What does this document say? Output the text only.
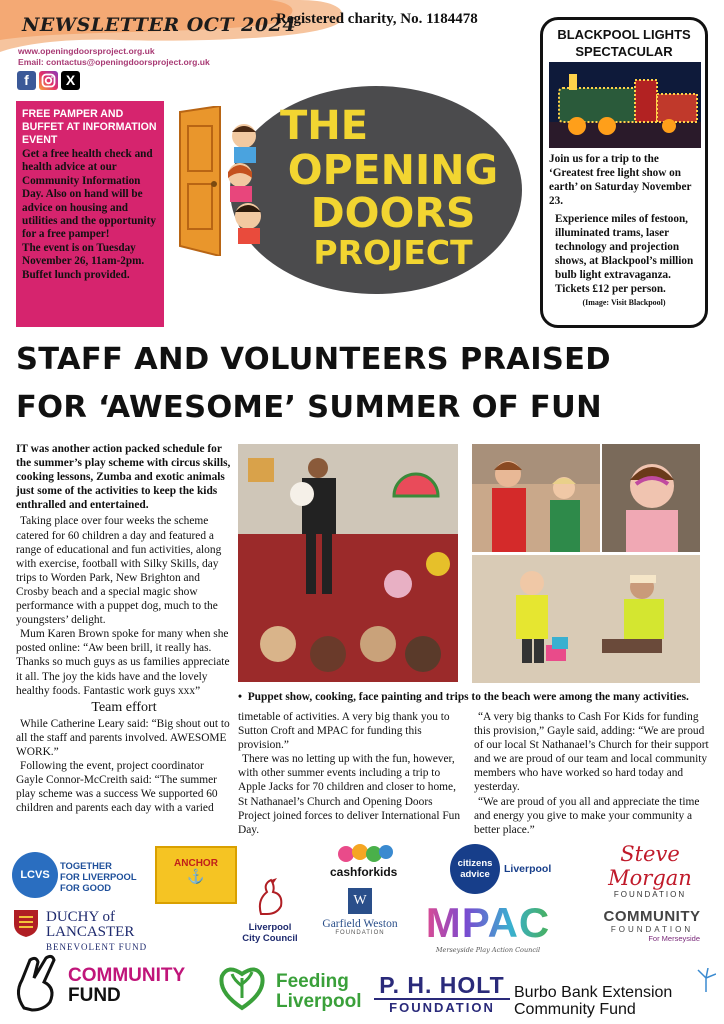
NEWSLETTER OCT 2024
Registered charity, No. 1184478
www.openingdoorsproject.org.uk
Email: contactus@openingdoorsproject.org.uk
f	X
FREE PAMPER AND BUFFET AT INFORMATION EVENT
Get a free health check and health advice at our Community Information Day. Also on hand will be advice on housing and utilities and the opportunity for a free pamper!
The event is on Tuesday November 26, 11am-2pm. Buffet lunch provided.
THE
OPENING
DOORS
PROJECT
BLACKPOOL LIGHTS SPECTACULAR
Join us for a trip to the ‘Greatest free light show on earth’ on Saturday November 23.
Experience miles of festoon, illuminated trams, laser technology and projection shows, at Blackpool’s million bulb light extravaganza.
Tickets £12 per person.
(Image: Visit Blackpool)
STAFF AND VOLUNTEERS PRAISED
FOR ‘AWESOME’ SUMMER OF FUN

IT was another action packed schedule for the summer’s play scheme with circus skills, cooking lessons, Zumba and exotic animals just some of the activities to keep the kids enthralled and entertained.

Taking place over four weeks the scheme catered for 60 children a day and featured a range of educational and fun activities, along with exercise, football with Silky Skills, day trips to Worden Park, New Brighton and Crosby beach and a special magic show performance with a puppet dog, much to the youngsters’ delight.

Mum Karen Brown spoke for many when she posted online: “Aw been brill, it really has. Thanks so much guys as us families appreciate it all. The joy the kids have and the lovely healthy foods. Fantastic work guys xxx”

Team effort

While Catherine Leary said: “Big shout out to all the staff and parents involved. AWESOME WORK.”

Following the event, project coordinator Gayle Connor-McCreith said: “The summer play scheme was a success We supported 60 children and parents each day with a varied

•  Puppet show, cooking, face painting and trips to the beach were among the many activities.

timetable of activities. A very big thank you to Sutton Croft and MPAC for funding this provision.”

There was no letting up with the fun, however, with other summer events including a trip to Apple Jacks for 70 children and closer to home, St Nathanael’s Church and Opening Doors Project joined forces to deliver International Fun Day.

“A very big thanks to Cash For Kids for funding this provision,” Gayle said, adding: “We are proud of our local St Nathanael’s Church for their support and we are proud of our team and local community members who have worked so hard today and yesterday.

“We are proud of you all and appreciate the time and energy you give to make your community a better place.”

LCVS
TOGETHER
FOR LIVERPOOL
FOR GOOD
ANCHOR
⚓	cashforkids
citizens
advice	Liverpool
Steve Morgan
FOUNDATION
DUCHY of LANCASTER
BENEVOLENT FUND
Liverpool
City Council
W
Garfield Weston
FOUNDATION MPAC
Merseyside Play Action Council
COMMUNITY
FOUNDATION
For Merseyside
COMMUNITY
FUND
Feeding
Liverpool
P. H. HOLT
FOUNDATION
Burbo Bank Extension
Community Fund
